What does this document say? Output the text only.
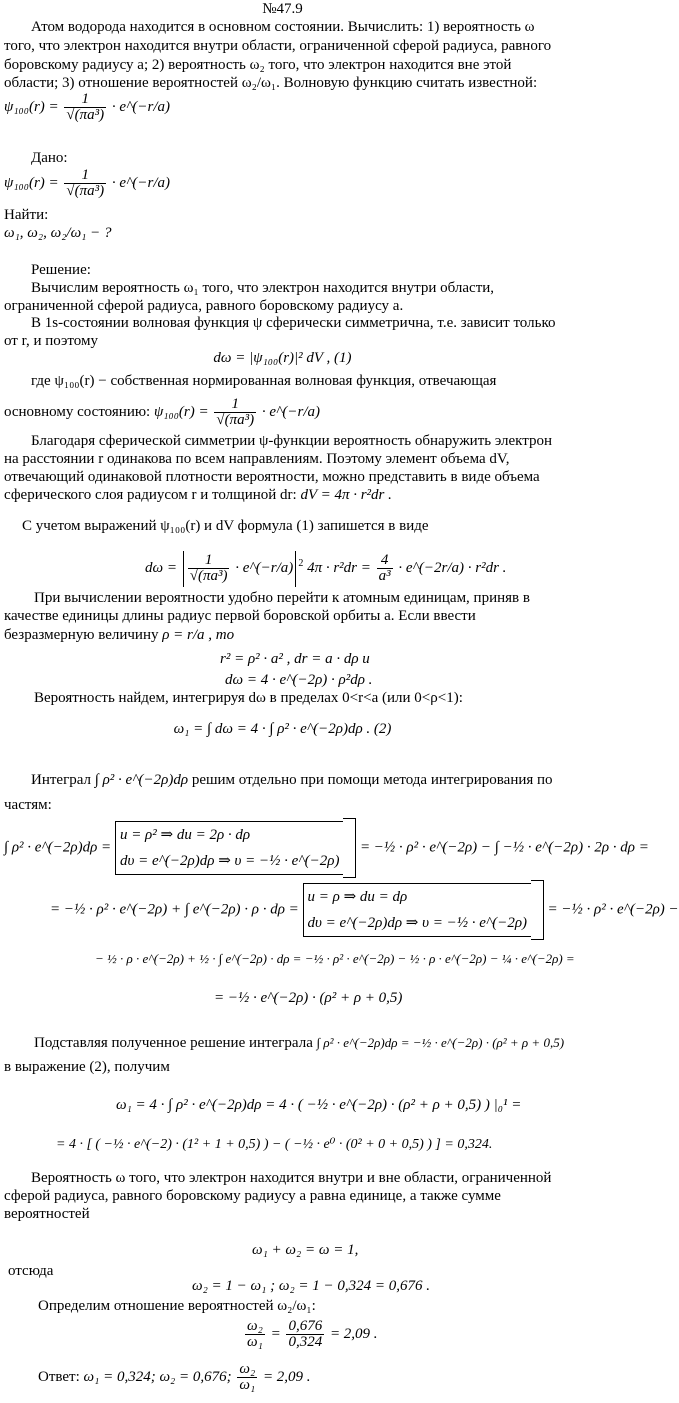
№47.9
Атом водорода находится в основном состоянии. Вычислить: 1) вероятность ω
того, что электрон находится внутри области, ограниченной сферой радиуса, равного
боровскому радиусу a; 2) вероятность ω₂ того, что электрон находится вне этой
области; 3) отношение вероятностей ω₂/ω₁. Волновую функцию считать известной:
$\psi_{100}(r) = \frac{1}{\text{√(πa³)}}$ · e^(−r/a)
Дано:
$\psi_{100}(r) = \frac{1}{\text{√(πa³)}}$ · e^(−r/a)
Найти:
ω₁, ω₂, ω₂/ω₁ − ?
Решение:
Вычислим вероятность ω₁ того, что электрон находится внутри области,
ограниченной сферой радиуса, равного боровскому радиусу a.
В 1s-состоянии волновая функция ψ сферически симметрична, т.е. зависит только
от r, и поэтому
dω = |ψ₁₀₀(r)|² dV , (1)
где ψ₁₀₀(r) − собственная нормированная волновая функция, отвечающая
основному состоянию: $\psi_{100}(r) = \frac{1}{\text{√(πa³)}}$ · e^(−r/a)
Благодаря сферической симметрии ψ-функции вероятность обнаружить электрон
на расстоянии r одинакова по всем направлениям. Поэтому элемент объема dV,
отвечающий одинаковой плотности вероятности, можно представить в виде объема
сферического слоя радиусом r и толщиной dr: dV = 4π · r²dr .
С учетом выражений ψ₁₀₀(r) и dV формула (1) запишется в виде
$d\omega = \frac{1}{\text{√(πa³)}}$ · e^(−r/a) $^2$ $4\pi \cdot r^2dr = \frac{4}{\text{a³}}$ · e^(−2r/a) · r²dr .
При вычислении вероятности удобно перейти к атомным единицам, приняв в
качестве единицы длины радиус первой боровской орбиты a. Если ввести
безразмерную величину ρ = r/a , то
r² = ρ² · a² , dr = a · dρ и
dω = 4 · e^(−2ρ) · ρ²dρ .
Вероятность найдем, интегрируя dω в пределах 0<r<a (или 0<ρ<1):
ω₁ = ∫ dω = 4 · ∫ ρ² · e^(−2ρ)dρ . (2)
Интеграл ∫ ρ² · e^(−2ρ)dρ решим отдельно при помощи метода интегрирования по
частям:
∫ ρ² · e^(−2ρ)dρ =
u = ρ² ⇒ du = 2ρ · dρ
dυ = e^(−2ρ)dρ ⇒ υ = −½ · e^(−2ρ)
= −½ · ρ² · e^(−2ρ) − ∫ −½ · e^(−2ρ) · 2ρ · dρ =
= −½ · ρ² · e^(−2ρ) + ∫ e^(−2ρ) · ρ · dρ =
u = ρ ⇒ du = dρ
dυ = e^(−2ρ)dρ ⇒ υ = −½ · e^(−2ρ)
= −½ · ρ² · e^(−2ρ) −
− ½ · ρ · e^(−2ρ) + ½ · ∫ e^(−2ρ) · dρ = −½ · ρ² · e^(−2ρ) − ½ · ρ · e^(−2ρ) − ¼ · e^(−2ρ) =
= −½ · e^(−2ρ) · (ρ² + ρ + 0,5)
Подставляя полученное решение интеграла ∫ ρ² · e^(−2ρ)dρ = −½ · e^(−2ρ) · (ρ² + ρ + 0,5)
в выражение (2), получим
ω₁ = 4 · ∫ ρ² · e^(−2ρ)dρ = 4 · ( −½ · e^(−2ρ) · (ρ² + ρ + 0,5) ) |₀¹ =
= 4 · [ ( −½ · e^(−2) · (1² + 1 + 0,5) ) − ( −½ · e⁰ · (0² + 0 + 0,5) ) ] = 0,324.
Вероятность ω того, что электрон находится внутри и вне области, ограниченной
сферой радиуса, равного боровскому радиусу a равна единице, а также сумме
вероятностей
ω₁ + ω₂ = ω = 1,
отсюда
ω₂ = 1 − ω₁ ; ω₂ = 1 − 0,324 = 0,676 .
Определим отношение вероятностей ω₂/ω₁:
$\frac{\text{ω₂}}{\text{ω₁}} = \frac{0,676}{0,324} = 2,09$ .
Ответ: ω₁ = 0,324; ω₂ = 0,676; $\frac{\text{ω₂}}{\text{ω₁}} = 2,09$ .
